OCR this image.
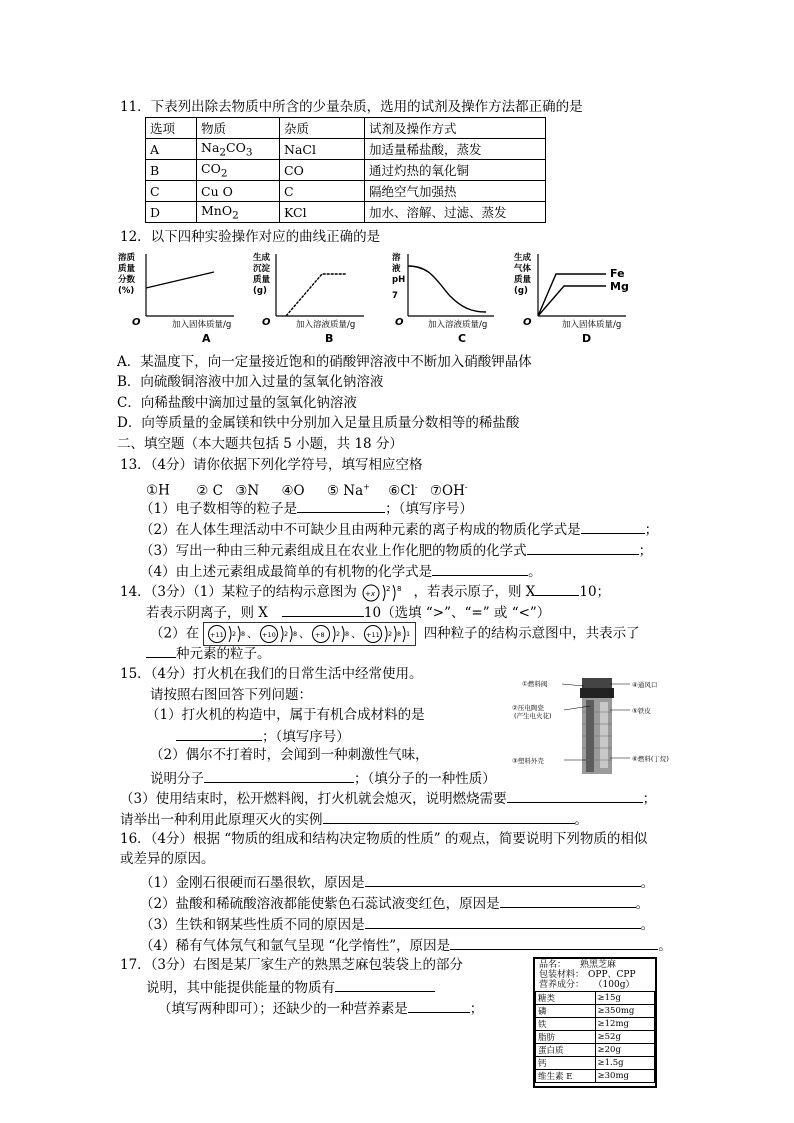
11．下表列出除去物质中所含的少量杂质，选用的试剂及操作方法都正确的是
选项	物质	杂质	试剂及操作方式
A	$Na_2CO_3$	NaCl	加适量稀盐酸，蒸发
B	$CO_2$	CO	通过灼热的氧化铜
C	Cu O	C	隔绝空气加强热
D	MnO$_2$	KCl	加水、溶解、过滤、蒸发
12．以下四种实验操作对应的曲线正确的是
溶质
质量
分数
(%)
O	加入固体质量/g
A
生成
沉淀
质量
(g)
O	加入溶液质量/g
B
溶
液
pH
7
O	加入溶液质量/g
C
生成
气体
质量
(g)
Fe
Mg
O	加入固体质量/g
D
A．某温度下，向一定量接近饱和的硝酸钾溶液中不断加入硝酸钾晶体
B．向硫酸铜溶液中加入过量的氢氧化钠溶液
C．向稀盐酸中滴加过量的氢氧化钠溶液
D．向等质量的金属镁和铁中分别加入足量且质量分数相等的稀盐酸
二、填空题（本大题共包括 5 小题，共 18 分）
13．（4分）请你依据下列化学符号，填写相应空格
①H ② C ③N ④O ⑤ Na+ ⑥Cl- ⑦OH-
（1）电子数相等的粒子是	；（填写序号）
（2）在人体生理活动中不可缺少且由两种元素的离子构成的物质化学式是	；
（3）写出一种由三种元素组成且在农业上作化肥的物质的化学式	；
（4）由上述元素组成最简单的有机物的化学式是	。
14．（3分）（1）某粒子的结构示意图为 +x
2 8 ，若表示原子，则 X	10；
若表示阴离子，则 X	10（选填 “>”、“=” 或 “<”）
（2）在 +11 2 8 、 +10 2 8 、 +8 2 8 、 +11 2 8 1 四种粒子的结构示意图中，共表示了
种元素的粒子。
15．（4分）打火机在我们的日常生活中经常使用。
请按照右图回答下列问题：
（1）打火机的构造中，属于有机合成材料的是
；（填写序号）
（2）偶尔不打着时，会闻到一种刺激性气味，
说明分子	；（填分子的一种性质）
（3）使用结束时，松开燃料阀，打火机就会熄灭，说明燃烧需要	；
请举出一种利用此原理灭火的实例	。
①燃料阀
②压电陶瓷
(产生电火花)
③塑料外壳
④通风口
⑤铁皮
⑥燃料(丁烷)
16．（4分）根据 “物质的组成和结构决定物质的性质” 的观点，简要说明下列物质的相似
或差异的原因。
（1）金刚石很硬而石墨很软，原因是	。
（2）盐酸和稀硫酸溶液都能使紫色石蕊试液变红色，原因是	。
（3）生铁和钢某些性质不同的原因是	。
（4）稀有气体氖气和氩气呈现 “化学惰性”，原因是	。
17．（3分）右图是某厂家生产的熟黑芝麻包装袋上的部分
说明，其中能提供能量的物质有
（填写两种即可）；还缺少的一种营养素是	；
品名： 熟黑芝麻
包装材料： OPP、CPP
营养成分： （100g）
糖类	≥15g
磷	≥350mg
铁	≥12mg
脂肪	≥52g
蛋白质	≥20g
钙	≥1.5g
维生素 E	≥30mg
